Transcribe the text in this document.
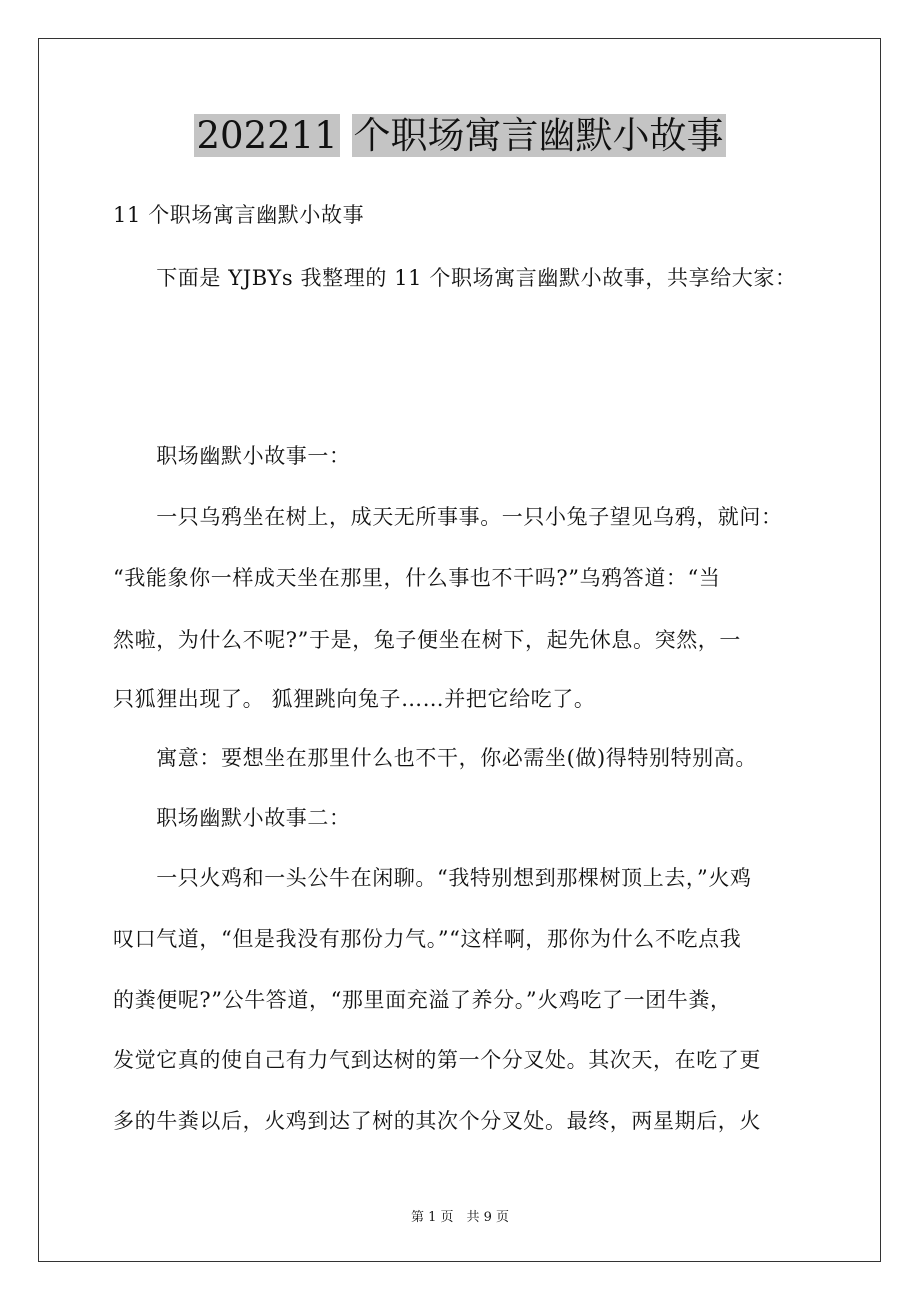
202211 个职场寓言幽默小故事
11 个职场寓言幽默小故事
　　下面是 YJBYs 我整理的 11 个职场寓言幽默小故事，共享给大家：
　　职场幽默小故事一：
　　一只乌鸦坐在树上，成天无所事事。一只小兔子望见乌鸦，就问：
“我能象你一样成天坐在那里，什么事也不干吗?”乌鸦答道：“当
然啦，为什么不呢?”于是，兔子便坐在树下，起先休息。突然，一
只狐狸出现了。 狐狸跳向兔子……并把它给吃了。
　　寓意：要想坐在那里什么也不干，你必需坐(做)得特别特别高。
　　职场幽默小故事二：
　　一只火鸡和一头公牛在闲聊。“我特别想到那棵树顶上去，”火鸡
叹口气道，“但是我没有那份力气。”“这样啊，那你为什么不吃点我
的粪便呢?”公牛答道，“那里面充溢了养分。”火鸡吃了一团牛粪，
发觉它真的使自己有力气到达树的第一个分叉处。其次天，在吃了更
多的牛粪以后，火鸡到达了树的其次个分叉处。最终，两星期后，火
第 1 页　共 9 页
